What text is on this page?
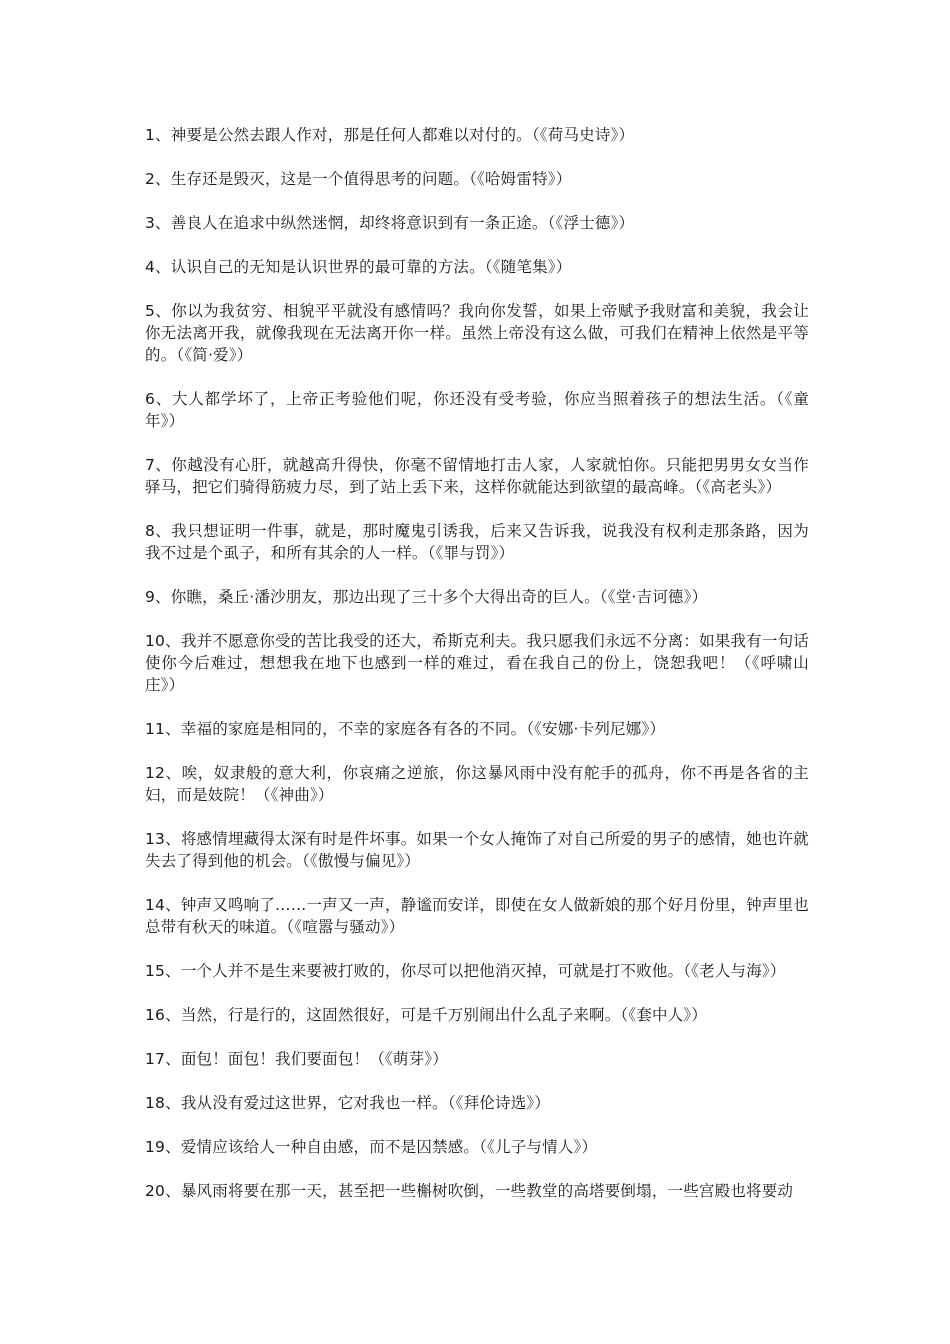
1、神要是公然去跟人作对，那是任何人都难以对付的。（《荷马史诗》）

2、生存还是毁灭，这是一个值得思考的问题。（《哈姆雷特》）

3、善良人在追求中纵然迷惘，却终将意识到有一条正途。（《浮士德》）

4、认识自己的无知是认识世界的最可靠的方法。（《随笔集》）

5、你以为我贫穷、相貌平平就没有感情吗？我向你发誓，如果上帝赋予我财富和美貌，我会让你无法离开我，就像我现在无法离开你一样。虽然上帝没有这么做，可我们在精神上依然是平等的。（《简·爱》）

6、大人都学坏了，上帝正考验他们呢，你还没有受考验，你应当照着孩子的想法生活。（《童年》）

7、你越没有心肝，就越高升得快，你毫不留情地打击人家，人家就怕你。只能把男男女女当作驿马，把它们骑得筋疲力尽，到了站上丢下来，这样你就能达到欲望的最高峰。（《高老头》）

8、我只想证明一件事，就是，那时魔鬼引诱我，后来又告诉我，说我没有权利走那条路，因为我不过是个虱子，和所有其余的人一样。（《罪与罚》）

9、你瞧，桑丘·潘沙朋友，那边出现了三十多个大得出奇的巨人。（《堂·吉诃德》）

10、我并不愿意你受的苦比我受的还大，希斯克利夫。我只愿我们永远不分离：如果我有一句话使你今后难过，想想我在地下也感到一样的难过，看在我自己的份上，饶恕我吧！（《呼啸山庄》）

11、幸福的家庭是相同的，不幸的家庭各有各的不同。（《安娜·卡列尼娜》）

12、唉，奴隶般的意大利，你哀痛之逆旅，你这暴风雨中没有舵手的孤舟，你不再是各省的主妇，而是妓院！（《神曲》）

13、将感情埋藏得太深有时是件坏事。如果一个女人掩饰了对自己所爱的男子的感情，她也许就失去了得到他的机会。（《傲慢与偏见》）

14、钟声又鸣响了……一声又一声，静谧而安详，即使在女人做新娘的那个好月份里，钟声里也总带有秋天的味道。（《喧嚣与骚动》）

15、一个人并不是生来要被打败的，你尽可以把他消灭掉，可就是打不败他。（《老人与海》）

16、当然，行是行的，这固然很好，可是千万别闹出什么乱子来啊。（《套中人》）

17、面包！面包！我们要面包！（《萌芽》）

18、我从没有爱过这世界，它对我也一样。（《拜伦诗选》）

19、爱情应该给人一种自由感，而不是囚禁感。（《儿子与情人》）

20、暴风雨将要在那一天，甚至把一些槲树吹倒，一些教堂的高塔要倒塌，一些宫殿也将要动
